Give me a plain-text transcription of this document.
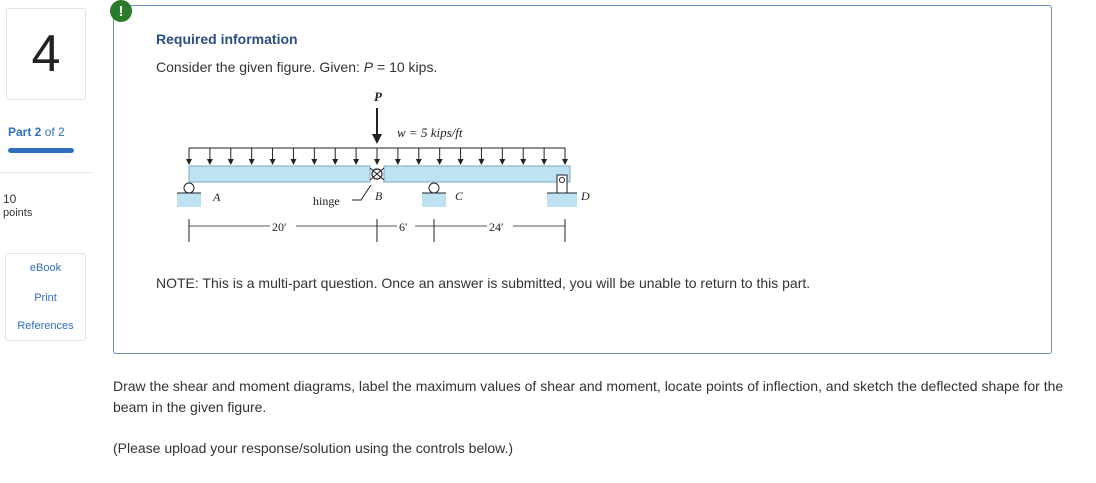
4
Part 2 of 2
10
points
eBook
Print
References
!
Required information
Consider the given figure. Given: P = 10 kips.
P
w = 5 kips/ft
A	hinge	B	C	D
20′	6′	24′
NOTE: This is a multi-part question. Once an answer is submitted, you will be unable to return to this part.
Draw the shear and moment diagrams, label the maximum values of shear and moment, locate points of inflection, and sketch the deflected shape for the beam in the given figure.
(Please upload your response/solution using the controls below.)
